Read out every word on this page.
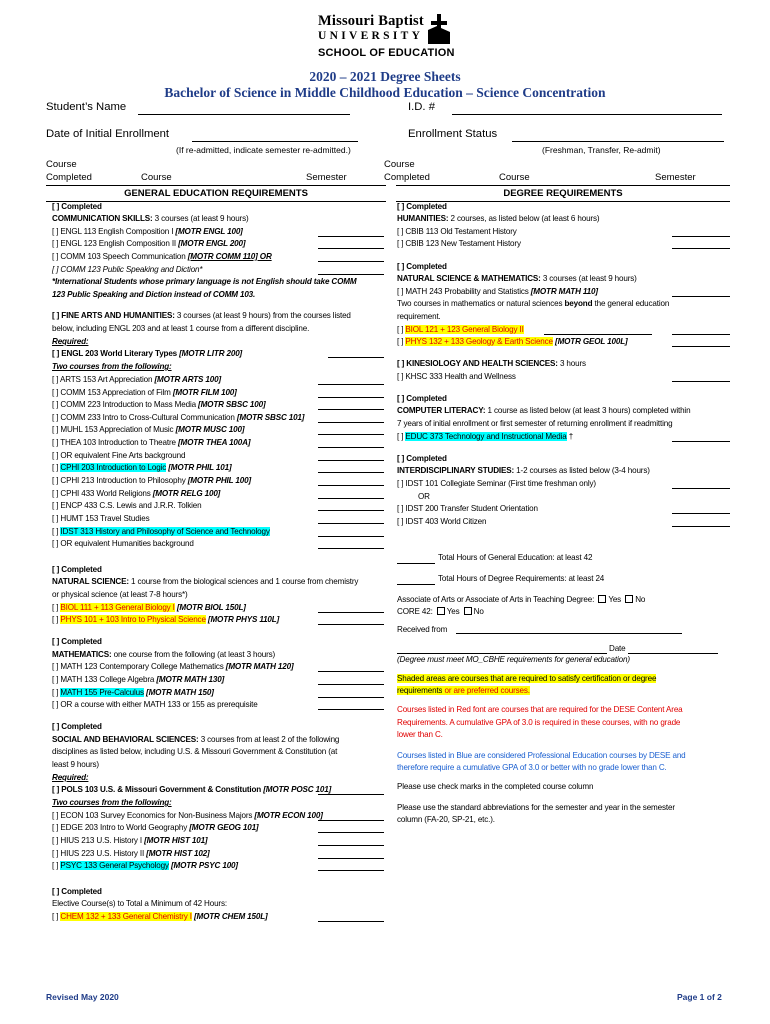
Missouri Baptist
UNIVERSITY
SCHOOL OF EDUCATION
2020 – 2021 Degree Sheets
Bachelor of Science in Middle Childhood Education – Science Concentration
Student’s Name	I.D. #
Date of Initial Enrollment
(If re-admitted, indicate semester re-admitted.)
Enrollment Status
(Freshman, Transfer, Re-admit)
Course
Completed	Course	Semester
Course
Completed	Course	Semester
GENERAL EDUCATION REQUIREMENTS	DEGREE REQUIREMENTS
[ ] Completed
COMMUNICATION SKILLS: 3 courses (at least 9 hours)
[ ] ENGL 113 English Composition I [MOTR ENGL 100]
[ ] ENGL 123 English Composition II [MOTR ENGL 200]
[ ] COMM 103 Speech Communication [MOTR COMM 110] OR
[ ] COMM 123 Public Speaking and Diction*
*International Students whose primary language is not English should take COMM
123 Public Speaking and Diction instead of COMM 103.
[ ] FINE ARTS AND HUMANITIES: 3 courses (at least 9 hours) from the courses listed
below, including ENGL 203 and at least 1 course from a different discipline.
Required:
[ ] ENGL 203 World Literary Types [MOTR LITR 200]
Two courses from the following:
[ ] ARTS 153 Art Appreciation [MOTR ARTS 100]
[ ] COMM 153 Appreciation of Film [MOTR FILM 100]
[ ] COMM 223 Introduction to Mass Media [MOTR SBSC 100]
[ ] COMM 233 Intro to Cross-Cultural Communication [MOTR SBSC 101]
[ ] MUHL 153 Appreciation of Music [MOTR MUSC 100]
[ ] THEA 103 Introduction to Theatre [MOTR THEA 100A]
[ ] OR equivalent Fine Arts background
[ ] CPHI 203 Introduction to Logic [MOTR PHIL 101]
[ ] CPHI 213 Introduction to Philosophy [MOTR PHIL 100]
[ ] CPHI 433 World Religions [MOTR RELG 100]
[ ] ENCP 433 C.S. Lewis and J.R.R. Tolkien
[ ] HUMT 153 Travel Studies
[ ] IDST 313 History and Philosophy of Science and Technology
[ ] OR equivalent Humanities background
[ ] Completed
NATURAL SCIENCE: 1 course from the biological sciences and 1 course from chemistry
or physical science (at least 7-8 hours*)
[ ] BIOL 111 + 113 General Biology I [MOTR BIOL 150L]
[ ] PHYS 101 + 103 Intro to Physical Science [MOTR PHYS 110L]
[ ] Completed
MATHEMATICS: one course from the following (at least 3 hours)
[ ] MATH 123 Contemporary College Mathematics [MOTR MATH 120]
[ ] MATH 133 College Algebra [MOTR MATH 130]
[ ] MATH 155 Pre-Calculus [MOTR MATH 150]
[ ] OR a course with either MATH 133 or 155 as prerequisite
[ ] Completed
SOCIAL AND BEHAVIORAL SCIENCES: 3 courses from at least 2 of the following
disciplines as listed below, including U.S. & Missouri Government & Constitution (at
least 9 hours)
Required:
[ ] POLS 103 U.S. & Missouri Government & Constitution [MOTR POSC 101]
Two courses from the following:
[ ] ECON 103 Survey Economics for Non-Business Majors [MOTR ECON 100]
[ ] EDGE 203 Intro to World Geography [MOTR GEOG 101]
[ ] HIUS 213 U.S. History I [MOTR HIST 101]
[ ] HIUS 223 U.S. History II [MOTR HIST 102]
[ ] PSYC 133 General Psychology [MOTR PSYC 100]
[ ] Completed
Elective Course(s) to Total a Minimum of 42 Hours:
[ ] CHEM 132 + 133 General Chemistry I [MOTR CHEM 150L]
[ ] Completed
HUMANITIES: 2 courses, as listed below (at least 6 hours)
[ ] CBIB 113 Old Testament History
[ ] CBIB 123 New Testament History
[ ] Completed
NATURAL SCIENCE & MATHEMATICS: 3 courses (at least 9 hours)
[ ] MATH 243 Probability and Statistics [MOTR MATH 110]
Two courses in mathematics or natural sciences beyond the general education
requirement.
[ ] BIOL 121 + 123 General Biology II
[ ] PHYS 132 + 133 Geology & Earth Science [MOTR GEOL 100L]
[ ] KINESIOLOGY AND HEALTH SCIENCES: 3 hours
[ ] KHSC 333 Health and Wellness
[ ] Completed
COMPUTER LITERACY: 1 course as listed below (at least 3 hours) completed within
7 years of initial enrollment or first semester of returning enrollment if readmitting
[ ] EDUC 373 Technology and Instructional Media †
[ ] Completed
INTERDISCIPLINARY STUDIES: 1-2 courses as listed below (3-4 hours)
[ ] IDST 101 Collegiate Seminar (First time freshman only)
OR
[ ] IDST 200 Transfer Student Orientation
[ ] IDST 403 World Citizen
Total Hours of General Education: at least 42
Total Hours of Degree Requirements: at least 24
Associate of Arts or Associate of Arts in Teaching Degree: Yes No
CORE 42: Yes No
Received from
Date
(Degree must meet MO_CBHE requirements for general education)
Shaded areas are courses that are required to satisfy certification or degree
requirements or are preferred courses.
Courses listed in Red font are courses that are required for the DESE Content Area
Requirements. A cumulative GPA of 3.0 is required in these courses, with no grade
lower than C.
Courses listed in Blue are considered Professional Education courses by DESE and
therefore require a cumulative GPA of 3.0 or better with no grade lower than C.
Please use check marks in the completed course column
Please use the standard abbreviations for the semester and year in the semester
column (FA-20, SP-21, etc.).
Revised May 2020	Page 1 of 2
